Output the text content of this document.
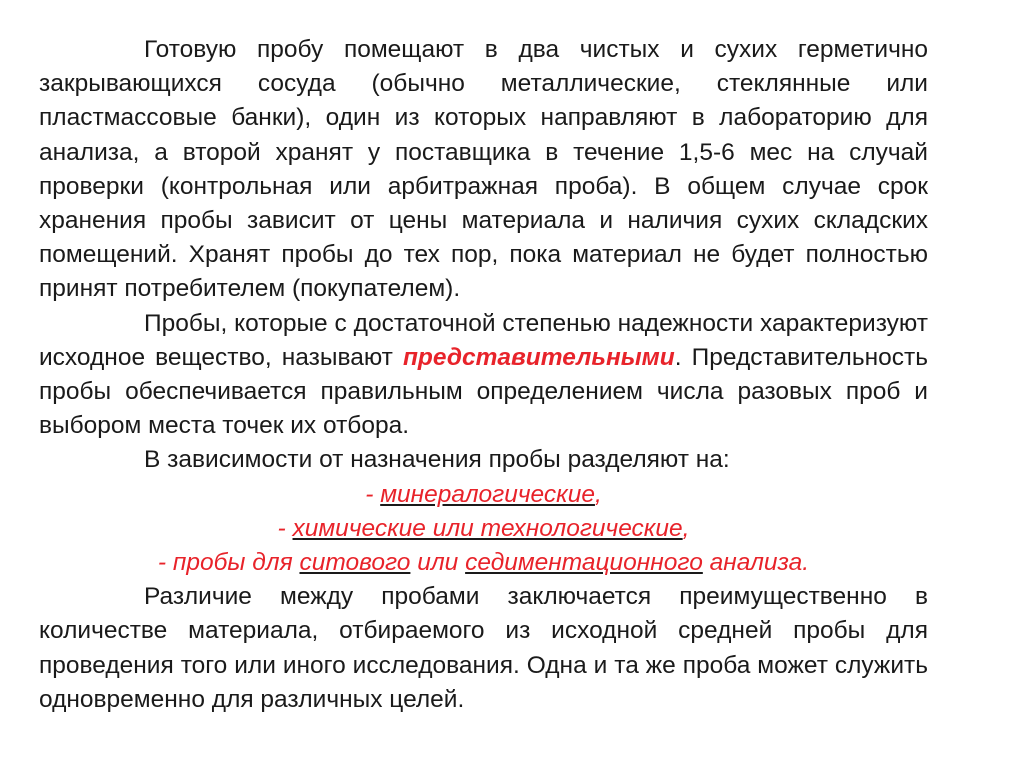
Готовую пробу помещают в два чистых и сухих герметично закрывающихся сосуда (обычно металлические, стеклянные или пластмассовые банки), один из которых направляют в лабораторию для анализа, а второй хранят у поставщика в течение 1,5-6 мес на случай проверки (контрольная или арбитражная проба). В общем случае срок хранения пробы зависит от цены материала и наличия сухих складских помещений. Хранят пробы до тех пор, пока материал не будет полностью принят потребителем (покупателем).

Пробы, которые с достаточной степенью надежности характеризуют исходное вещество, называют представительными. Представительность пробы обеспечивается правильным определением числа разовых проб и выбором места точек их отбора.

В зависимости от назначения пробы разделяют на:

- минералогические,

- химические или технологические,

- пробы для ситового или седиментационного анализа.

Различие между пробами заключается преимущественно в количестве материала, отбираемого из исходной средней пробы для проведения того или иного исследования. Одна и та же проба может служить одновременно для различных целей.
